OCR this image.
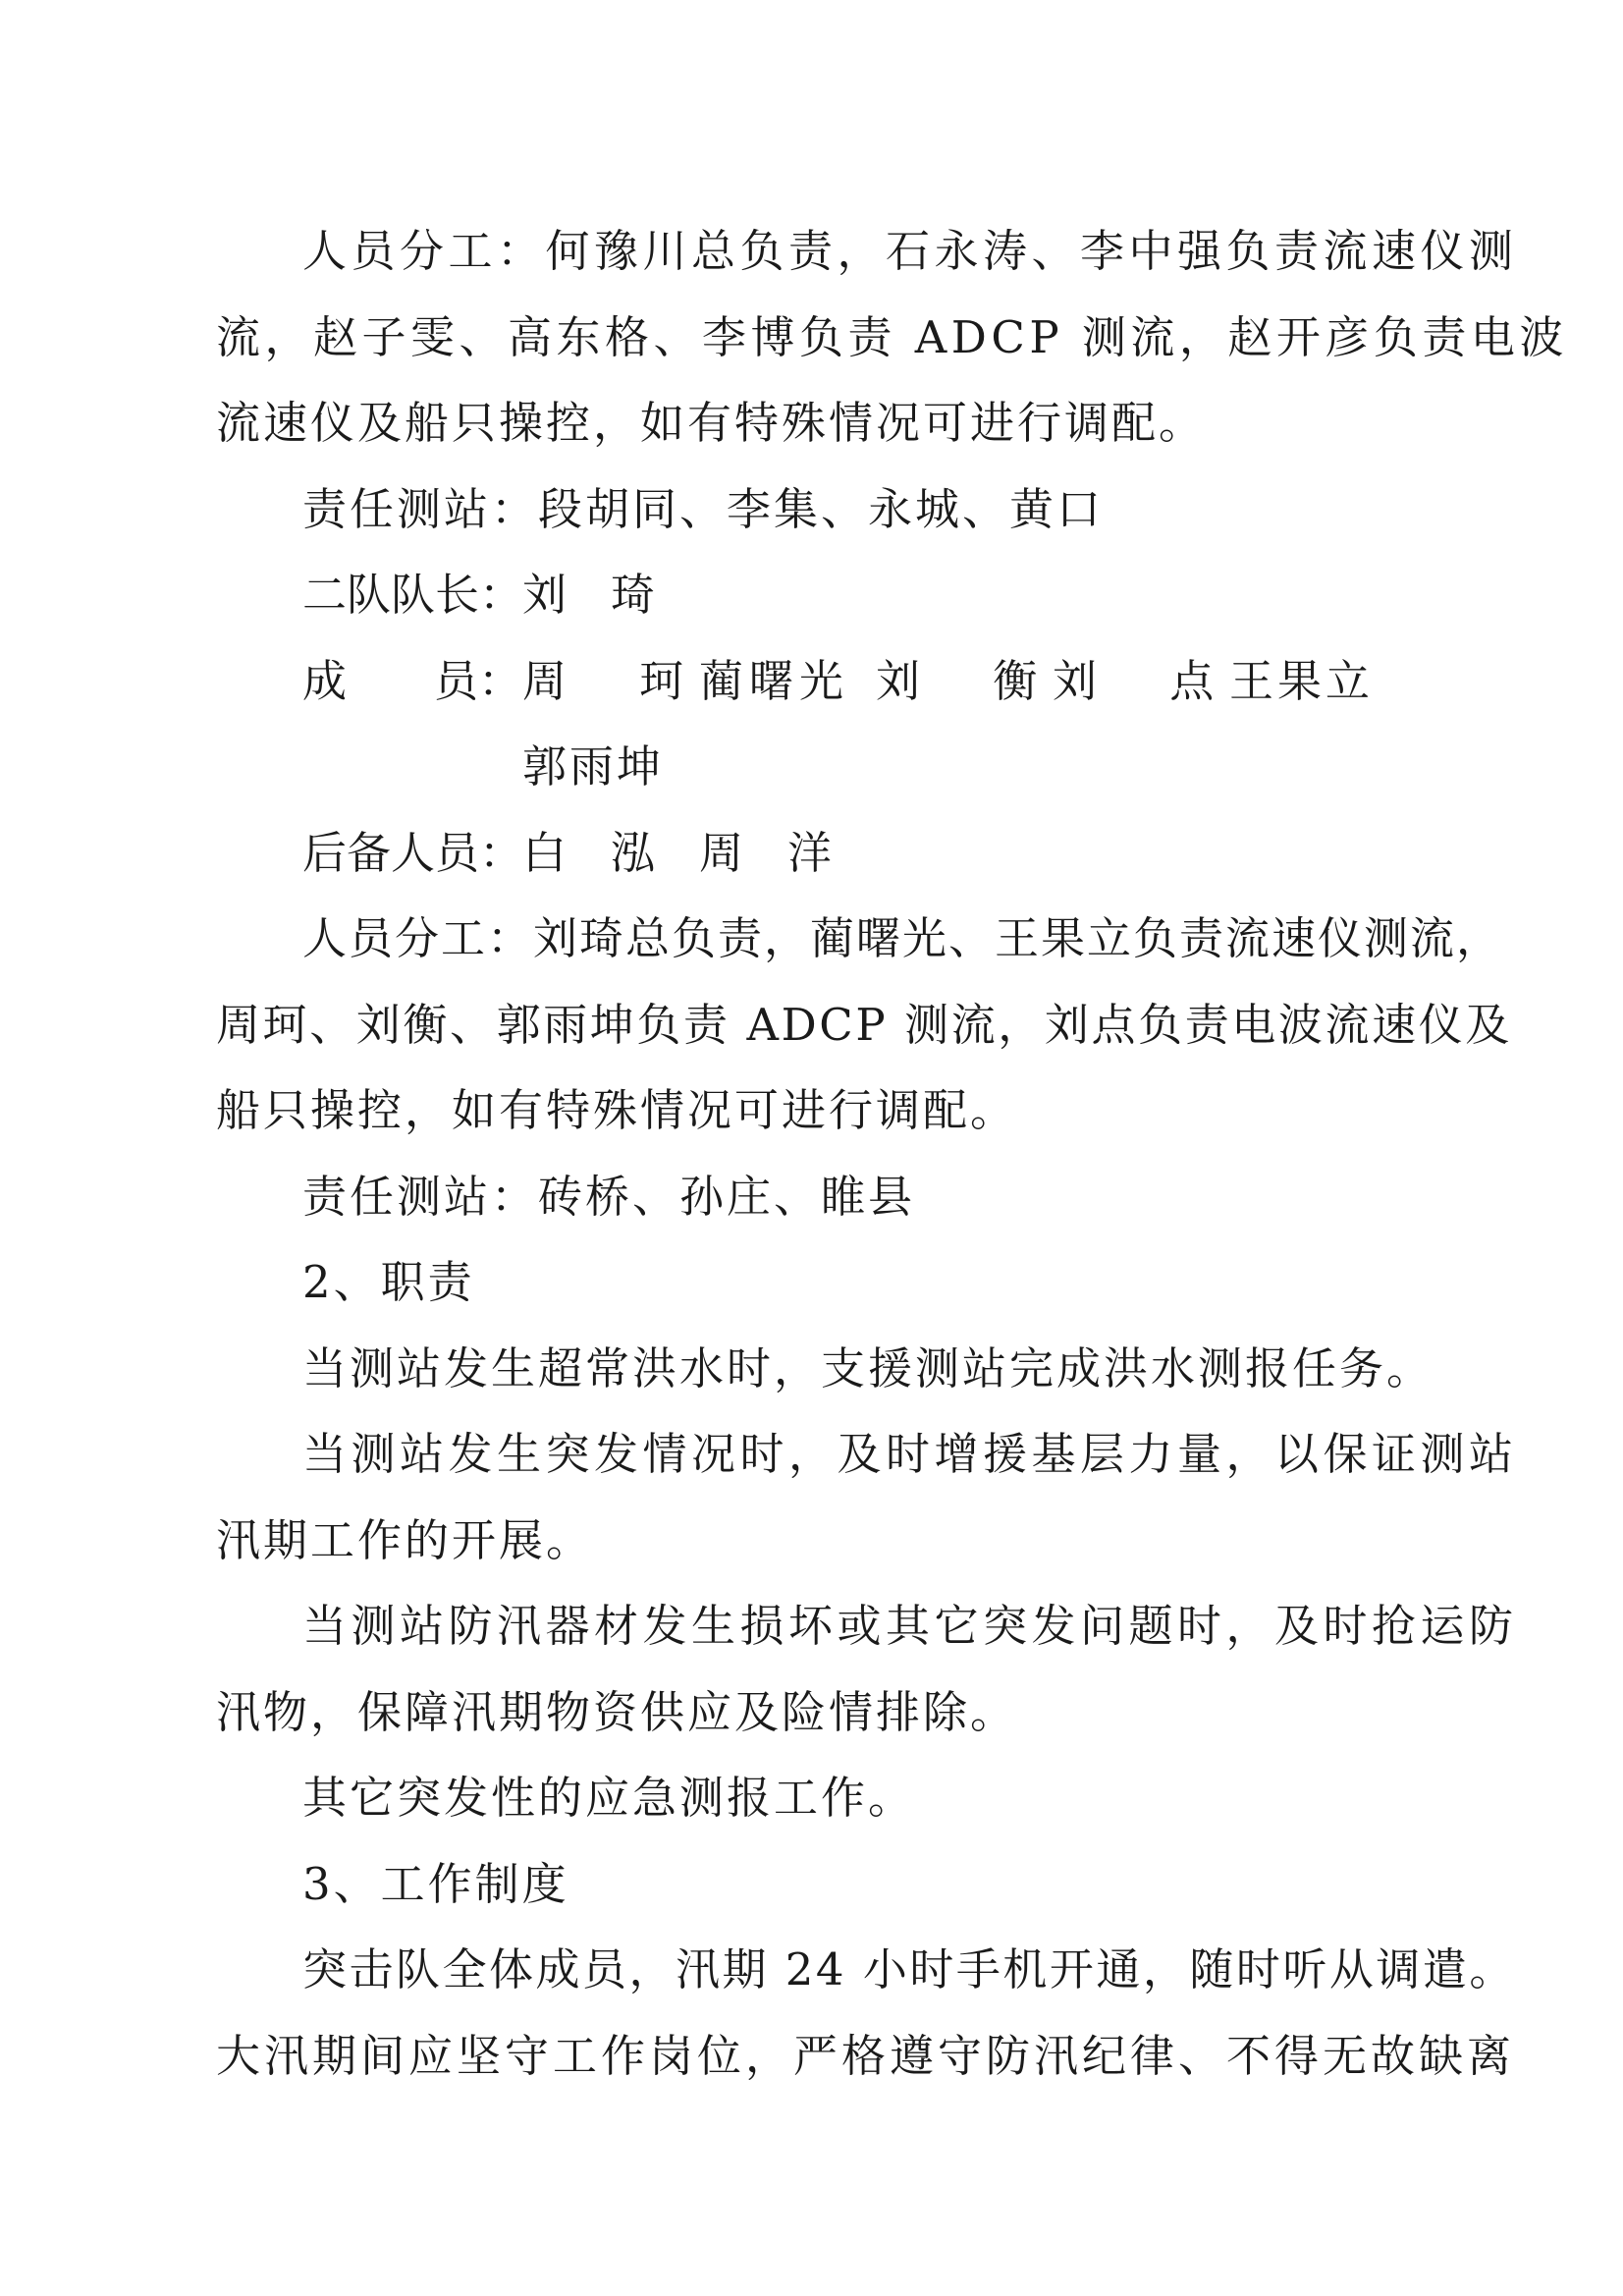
人员分工：何豫川总负责，石永涛、李中强负责流速仪测
流，赵子雯、高东格、李博负责 ADCP 测流，赵开彦负责电波
流速仪及船只操控，如有特殊情况可进行调配。
责任测站：段胡同、李集、永城、黄口
二队队长：
刘 琦
成 员： 周 珂
蔺曙光 刘 衡
刘 点
王果立
郭雨坤
后备人员：
白 泓 周 洋
人员分工：刘琦总负责，蔺曙光、王果立负责流速仪测流，
周珂、刘衡、郭雨坤负责 ADCP 测流，刘点负责电波流速仪及
船只操控，如有特殊情况可进行调配。
责任测站：砖桥、孙庄、睢县
2、职责
当测站发生超常洪水时，支援测站完成洪水测报任务。
当测站发生突发情况时，及时增援基层力量，以保证测站
汛期工作的开展。
当测站防汛器材发生损坏或其它突发问题时，及时抢运防
汛物，保障汛期物资供应及险情排除。
其它突发性的应急测报工作。
3、工作制度
突击队全体成员，汛期 24 小时手机开通，随时听从调遣。
大汛期间应坚守工作岗位，严格遵守防汛纪律、不得无故缺离
